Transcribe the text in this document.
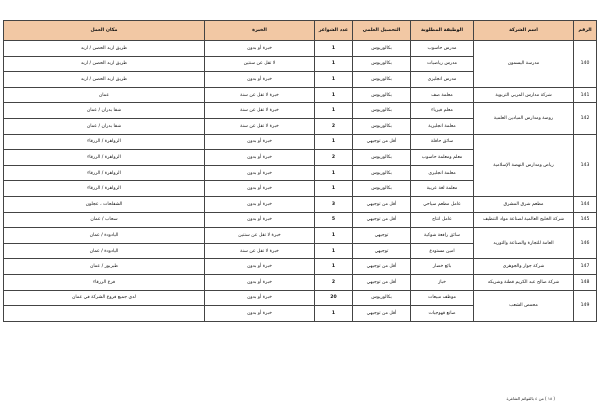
الرقم	اسم الشركة	الوظيفة المطلوبة	التحصيل العلمي	عدد الشواغر	الخبرة	مكان العمل
140	مدرسة اليسمون	مدرس حاسوب	بكالوريوس	1	خبرة أو بدون	طريق اربد الحصن / اربد
		مدرس رياضيات	بكالوريوس	1	لا تقل عن سنتين	طريق اربد الحصن / اربد
		مدرس انجليزي	بكالوريوس	1	خبرة أو بدون	طريق اربد الحصن / اربد
141	شركة مدارس المربي التربوية	معلمة صف	بكالوريوس	1	خبرة لا تقل عن سنة	عمان
142	روضة ومدارس الميادين العلمية	معلم فيزياء	بكالوريوس	1	خبرة لا تقل عن سنة	شفا بدران / عمان
		معلمة انجليزية	بكالوريوس	2	خبرة لا تقل عن سنة	شفا بدران / عمان
143	رياض ومدارس النهضة الإسلامية	سائق حافلة	أقل من توجيهي	1	خبرة أو بدون	الزواهرة / الزرقاء
		معلم ومعلمة حاسوب	بكالوريوس	2	خبرة أو بدون	الزواهرة / الزرقاء
		معلمة انجليزي	بكالوريوس	1	خبرة أو بدون	الزواهرة / الزرقاء
		معلمة لغة عربية	بكالوريوس	1	خبرة أو بدون	الزواهرة / الزرقاء
144	مطعم شرق المشرق	عامل مطعم سياحي	أقل من توجيهي	3	خبرة أو بدون	الشفلحات ، عجلون
145	شركة الخليج العالمية لصناعة مواد التنظيف	عامل انتاج	أقل من توجيهي	5	خبرة أو بدون	سحاب / عمان
146	العامة للتجارة والصناعة والتوريد	سائق رافعة شوكية	توجيهي	1	خبرة لا تقل عن سنتين	اليادودة / عمان
		امين مستودع	توجيهي	1	خبرة لا تقل عن سنة	اليادودة / عمان
147	شركة جوار والجوهري	بائع خضار	أقل من توجيهي	1	خبرة أو بدون	طبربور / عمان
148	شركة صالح عبد الكريم قطنة وشريكه	خباز	أقل من توجيهي	2	خبرة أو بدون	فرع الزرقاء
149	محمص الشعب	موظف مبيعات	بكالوريوس	20	خبرة أو بدون	لدى جميع فروع الشركة في عمان
		صانع قهوجيات	أقل من توجيهي	1	خبرة أو بدون	
( ١٨ ) من ٤ بالقوائم الشاغرة
